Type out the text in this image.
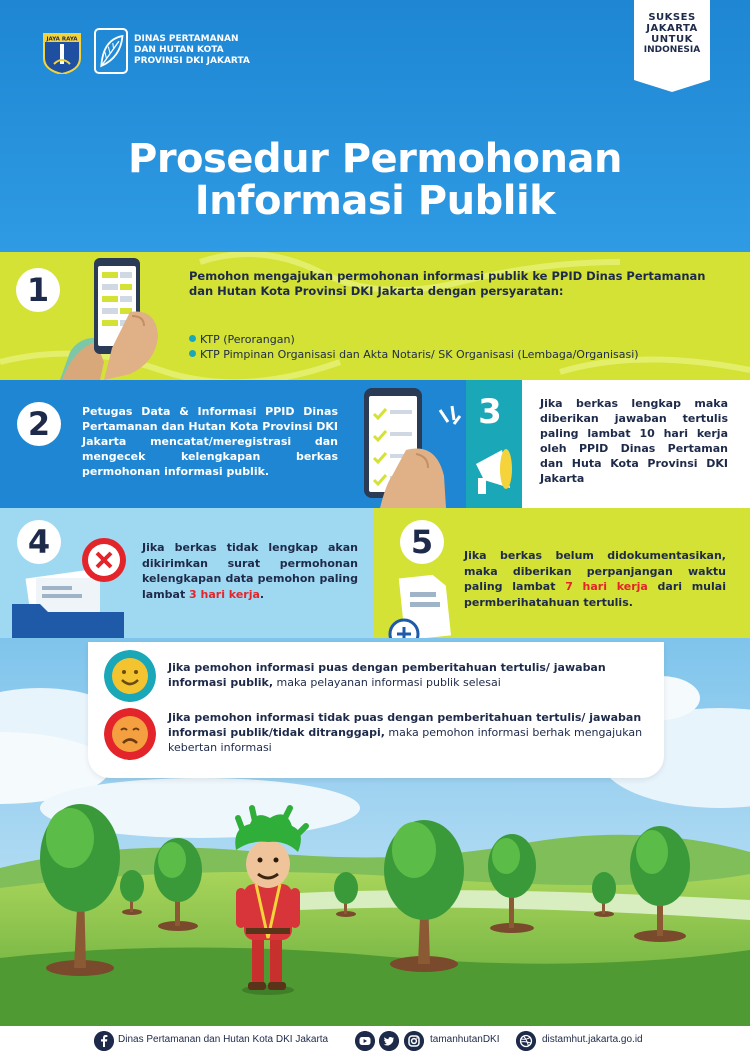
JAYA RAYA	DINAS PERTAMANAN
DAN HUTAN KOTA
PROVINSI DKI JAKARTA
SUKSES
JAKARTA
UNTUK
INDONESIA
Prosedur Permohonan
Informasi Publik
1	Pemohon mengajukan permohonan informasi publik ke PPID Dinas Pertamanan dan Hutan Kota Provinsi DKI Jakarta dengan persyaratan:
KTP (Perorangan)
KTP Pimpinan Organisasi dan Akta Notaris/ SK Organisasi (Lembaga/Organisasi)
Petugas Data & Informasi PPID Dinas Pertamanan dan Hutan Kota Provinsi DKI Jakarta mencatat/meregistrasi dan mengecek kelengkapan berkas permohonan informasi publik.
2	3	Jika berkas lengkap maka diberikan jawaban tertulis paling lambat 10 hari kerja oleh PPID Dinas Pertaman dan Huta Kota Provinsi DKI Jakarta
Jika berkas tidak lengkap akan dikirimkan surat permohonan kelengkapan data pemohon paling lambat 3 hari kerja.
4	5	Jika berkas belum didokumentasikan, maka diberikan perpanjangan waktu paling lambat 7 hari kerja dari mulai permberihatahuan tertulis.
Jika pemohon informasi puas dengan pemberitahuan tertulis/ jawaban informasi publik, maka pelayanan informasi publik selesai
Jika pemohon informasi tidak puas dengan pemberitahuan tertulis/ jawaban informasi publik/tidak ditranggapi, maka pemohon informasi berhak mengajukan kebertan informasi
Dinas Pertamanan dan Hutan Kota DKI Jakarta	tamanhutanDKI	distamhut.jakarta.go.id
